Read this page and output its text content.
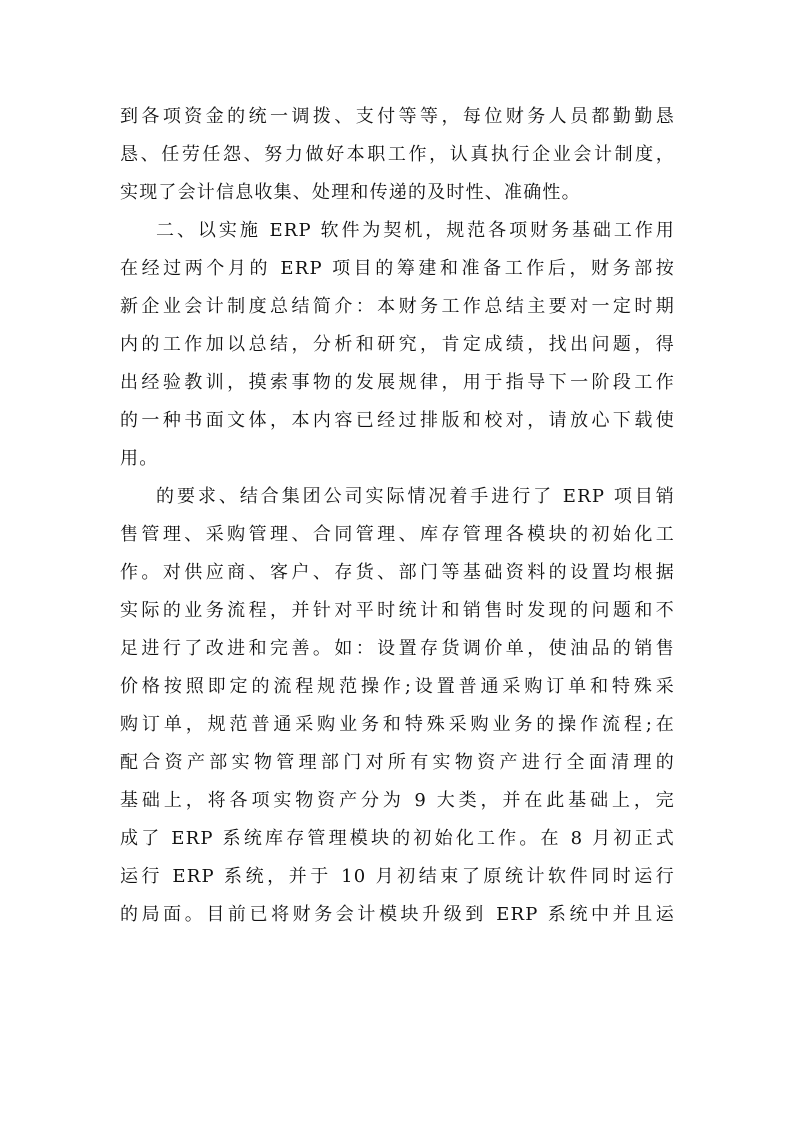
到各项资金的统一调拨、支付等等，每位财务人员都勤勤恳
恳、任劳任怨、努力做好本职工作，认真执行企业会计制度，
实现了会计信息收集、处理和传递的及时性、准确性。
二、以实施 ERP 软件为契机，规范各项财务基础工作用
在经过两个月的 ERP 项目的筹建和准备工作后，财务部按
新企业会计制度总结简介：本财务工作总结主要对一定时期
内的工作加以总结，分析和研究，肯定成绩，找出问题，得
出经验教训，摸索事物的发展规律，用于指导下一阶段工作
的一种书面文体，本内容已经过排版和校对，请放心下载使
用。
的要求、结合集团公司实际情况着手进行了 ERP 项目销
售管理、采购管理、合同管理、库存管理各模块的初始化工
作。对供应商、客户、存货、部门等基础资料的设置均根据
实际的业务流程，并针对平时统计和销售时发现的问题和不
足进行了改进和完善。如：设置存货调价单，使油品的销售
价格按照即定的流程规范操作;设置普通采购订单和特殊采
购订单，规范普通采购业务和特殊采购业务的操作流程;在
配合资产部实物管理部门对所有实物资产进行全面清理的
基础上，将各项实物资产分为 9 大类，并在此基础上，完
成了 ERP 系统库存管理模块的初始化工作。在 8 月初正式
运行 ERP 系统，并于 10 月初结束了原统计软件同时运行
的局面。目前已将财务会计模块升级到 ERP 系统中并且运
